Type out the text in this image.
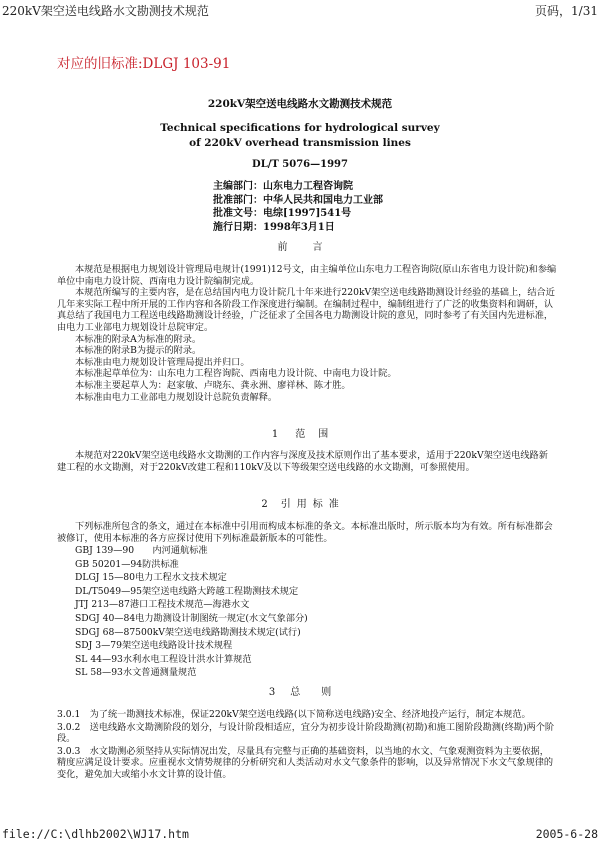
220kV架空送电线路水文勘测技术规范	页码，1/31
对应的旧标准:DLGJ 103-91
220kV架空送电线路水文勘测技术规范
Technical specifications for hydrological survey
of 220kV overhead transmission lines
DL/T 5076—1997
主编部门：山东电力工程咨询院
批准部门：中华人民共和国电力工业部
批准文号：电综[1997]541号
施行日期：1998年3月1日
前	言

本规范是根据电力规划设计管理局电规计(1991)12号文，由主编单位山东电力工程咨询院(原山东省电力设计院)和参编单位中南电力设计院、西南电力设计院编制完成。

本规范所编写的主要内容，是在总结国内电力设计院几十年来进行220kV架空送电线路勘测设计经验的基础上，结合近几年来实际工程中所开展的工作内容和各阶段工作深度进行编制。在编制过程中，编制组进行了广泛的收集资料和调研，认真总结了我国电力工程送电线路勘测设计经验，广泛征求了全国各电力勘测设计院的意见，同时参考了有关国内先进标准，由电力工业部电力规划设计总院审定。

本标准的附录A为标准的附录。

本标准的附录B为提示的附录。

本标准由电力规划设计管理局提出并归口。

本标准起草单位为：山东电力工程咨询院、西南电力设计院、中南电力设计院。

本标准主要起草人为：赵家敏、卢晓东、龚永洲、廖祥林、陈才胜。

本标准由电力工业部电力规划设计总院负责解释。

1 范 围

本规范对220kV架空送电线路水文勘测的工作内容与深度及技术原则作出了基本要求，适用于220kV架空送电线路新建工程的水文勘测，对于220kV改建工程和110kV及以下等级架空送电线路的水文勘测，可参照使用。

2 引 用 标 准

下列标准所包含的条文，通过在本标准中引用而构成本标准的条文。本标准出版时，所示版本均为有效。所有标准都会被修订，使用本标准的各方应探讨使用下列标准最新版本的可能性。

GBJ 139—90　　内河通航标准
GB 50201—94防洪标准
DLGJ 15—80电力工程水文技术规定
DL/T5049—95架空送电线路大跨越工程勘测技术规定
JTJ 213—87港口工程技术规范—海港水文
SDGJ 40—84电力勘测设计制图统一规定(水文气象部分)
SDGJ 68—87500kV架空送电线路勘测技术规定(试行)
SDJ 3—79架空送电线路设计技术规程
SL 44—93水利水电工程设计洪水计算规范
SL 58—93水文普通测量规范
3 总 则

3.0.1　为了统一勘测技术标准，保证220kV架空送电线路(以下简称送电线路)安全、经济地投产运行，制定本规范。

3.0.2　送电线路水文勘测阶段的划分，与设计阶段相适应，宜分为初步设计阶段勘测(初勘)和施工图阶段勘测(终勘)两个阶段。

3.0.3　水文勘测必须坚持从实际情况出发，尽量具有完整与正确的基础资料，以当地的水文、气象观测资料为主要依据，精度应满足设计要求。应重视水文情势规律的分析研究和人类活动对水文气象条件的影响，以及异常情况下水文气象规律的变化，避免加大或缩小水文计算的设计值。

file://C:\dlhb2002\WJ17.htm	2005-6-28
